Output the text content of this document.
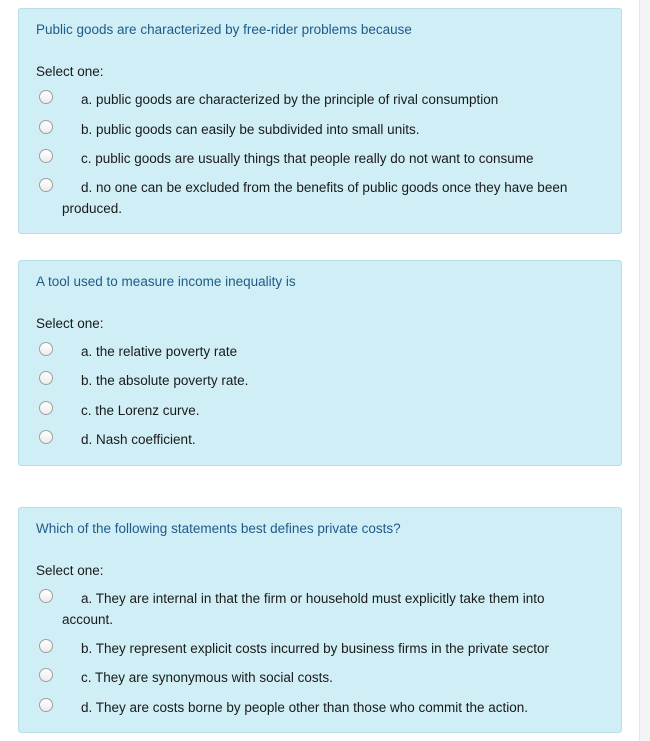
Public goods are characterized by free-rider problems because
Select one:
a. public goods are characterized by the principle of rival consumption
b. public goods can easily be subdivided into small units.
c. public goods are usually things that people really do not want to consume
d. no one can be excluded from the benefits of public goods once they have been produced.
A tool used to measure income inequality is
Select one:
a. the relative poverty rate
b. the absolute poverty rate.
c. the Lorenz curve.
d. Nash coefficient.
Which of the following statements best defines private costs?
Select one:
a. They are internal in that the firm or household must explicitly take them into account.
b. They represent explicit costs incurred by business firms in the private sector
c. They are synonymous with social costs.
d. They are costs borne by people other than those who commit the action.
